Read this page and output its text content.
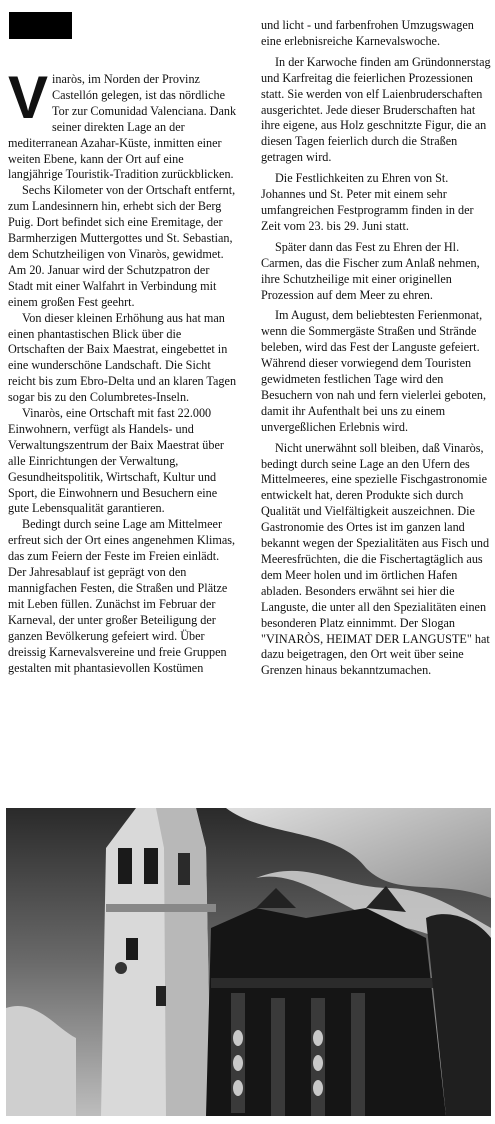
V inaròs, im Norden der Provinz Castellón gelegen, ist das nördliche Tor zur Comunidad Valenciana. Dank seiner direkten Lage an der mediterranean Azahar-Küste, inmitten einer weiten Ebene, kann der Ort auf eine langjährige Touristik-Tradition zurückblicken.

Sechs Kilometer von der Ortschaft entfernt, zum Landesinnern hin, erhebt sich der Berg Puig. Dort befindet sich eine Eremitage, der Barmherzigen Muttergottes und St. Sebastian, dem Schutzheiligen von Vinaròs, gewidmet. Am 20. Januar wird der Schutzpatron der Stadt mit einer Walfahrt in Verbindung mit einem großen Fest geehrt.

Von dieser kleinen Erhöhung aus hat man einen phantastischen Blick über die Ortschaften der Baix Maestrat, eingebettet in eine wunderschöne Landschaft. Die Sicht reicht bis zum Ebro-Delta und an klaren Tagen sogar bis zu den Columbretes-Inseln.

Vinaròs, eine Ortschaft mit fast 22.000 Einwohnern, verfügt als Handels- und Verwaltungszentrum der Baix Maestrat über alle Einrichtungen der Verwaltung, Gesundheitspolitik, Wirtschaft, Kultur und Sport, die Einwohnern und Besuchern eine gute Lebensqualität garantieren.

Bedingt durch seine Lage am Mittelmeer erfreut sich der Ort eines angenehmen Klimas, das zum Feiern der Feste im Freien einlädt. Der Jahresablauf ist geprägt von den mannigfachen Festen, die Straßen und Plätze mit Leben füllen. Zunächst im Februar der Karneval, der unter großer Beteiligung der ganzen Bevölkerung gefeiert wird. Über dreissig Karnevalsvereine und freie Gruppen gestalten mit phantasievollen Kostümen

und licht - und farbenfrohen Umzugswagen eine erlebnisreiche Karnevalswoche.

In der Karwoche finden am Gründonnerstag und Karfreitag die feierlichen Prozessionen statt. Sie werden von elf Laienbruderschaften ausgerichtet. Jede dieser Bruderschaften hat ihre eigene, aus Holz geschnitzte Figur, die an diesen Tagen feierlich durch die Straßen getragen wird.

Die Festlichkeiten zu Ehren von St. Johannes und St. Peter mit einem sehr umfangreichen Festprogramm finden in der Zeit vom 23. bis 29. Juni statt.

Später dann das Fest zu Ehren der Hl. Carmen, das die Fischer zum Anlaß nehmen, ihre Schutzheilige mit einer originellen Prozession auf dem Meer zu ehren.

Im August, dem beliebtesten Ferienmonat, wenn die Sommergäste Straßen und Strände beleben, wird das Fest der Languste gefeiert. Während dieser vorwiegend dem Touristen gewidmeten festlichen Tage wird den Besuchern von nah und fern vielerlei geboten, damit ihr Aufenthalt bei uns zu einem unvergeßlichen Erlebnis wird.

Nicht unerwähnt soll bleiben, daß Vinaròs, bedingt durch seine Lage an den Ufern des Mittelmeeres, eine spezielle Fischgastronomie entwickelt hat, deren Produkte sich durch Qualität und Vielfältigkeit auszeichnen. Die Gastronomie des Ortes ist im ganzen land bekannt wegen der Spezialitäten aus Fisch und Meeresfrüchten, die die Fischertagtäglich aus dem Meer holen und im örtlichen Hafen abladen. Besonders erwähnt sei hier die Languste, die unter all den Spezialitäten einen besonderen Platz einnimmt. Der Slogan "VINARÒS, HEIMAT DER LANGUSTE" hat dazu beigetragen, den Ort weit über seine Grenzen hinaus bekanntzumachen.
